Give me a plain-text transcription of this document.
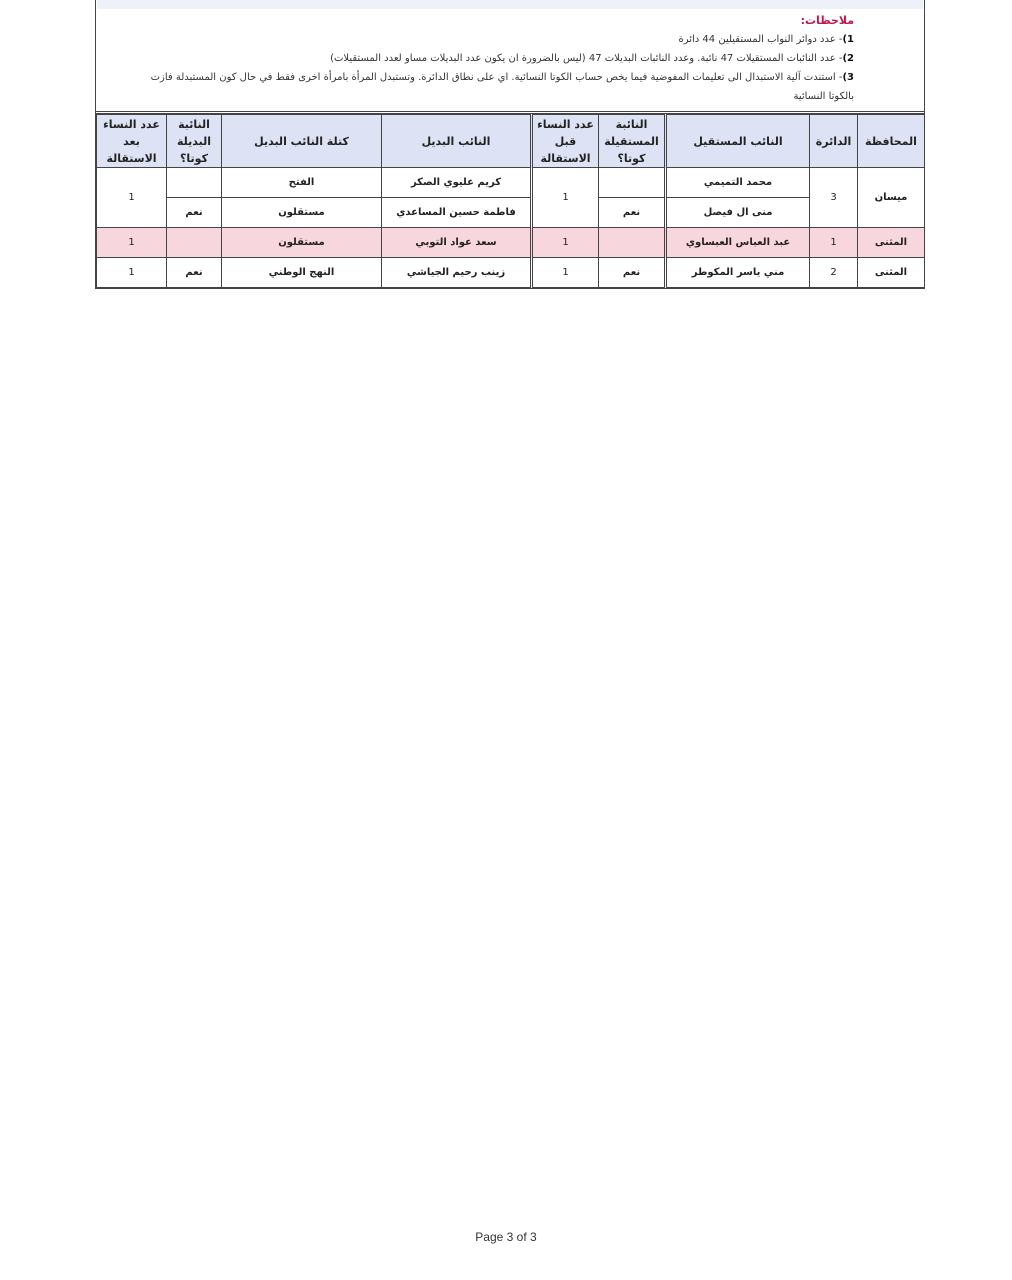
ملاحظات:
1)- عدد دوائر النواب المستقيلين 44 دائرة
2)- عدد النائبات المستقيلات 47 نائبة. وعدد النائبات البديلات 47 (ليس بالضرورة ان يكون عدد البديلات مساو لعدد المستقيلات)
3)- استندت آلية الاستبدال الى تعليمات المفوضية فيما يخص حساب الكوتا النسائية. اي على نطاق الدائرة. وتستبدل المرأة بامرأة اخرى فقط في حال كون المستبدلة فازت بالكوتا النسائية
المحافظة	الدائرة	النائب المستقيل	النائبة المستقيلة كوتا؟	عدد النساء قبل الاستقالة	النائب البديل	كتلة النائب البديل	النائبة البديلة كوتا؟	عدد النساء بعد الاستقالة
ميسان	3	محمد التميمي		1	كريم عليوي الصكر	الفتح		1
		منى ال فيصل	نعم		فاطمة حسين المساعدي	مستقلون	نعم	
المثنى	1	عبد العباس العبساوي		1	سعد عواد التوبي	مستقلون		1
المثنى	2	مني ياسر المكوطر	نعم	1	زينب رحيم الجياشي	النهج الوطني	نعم	1
Page 3 of 3
